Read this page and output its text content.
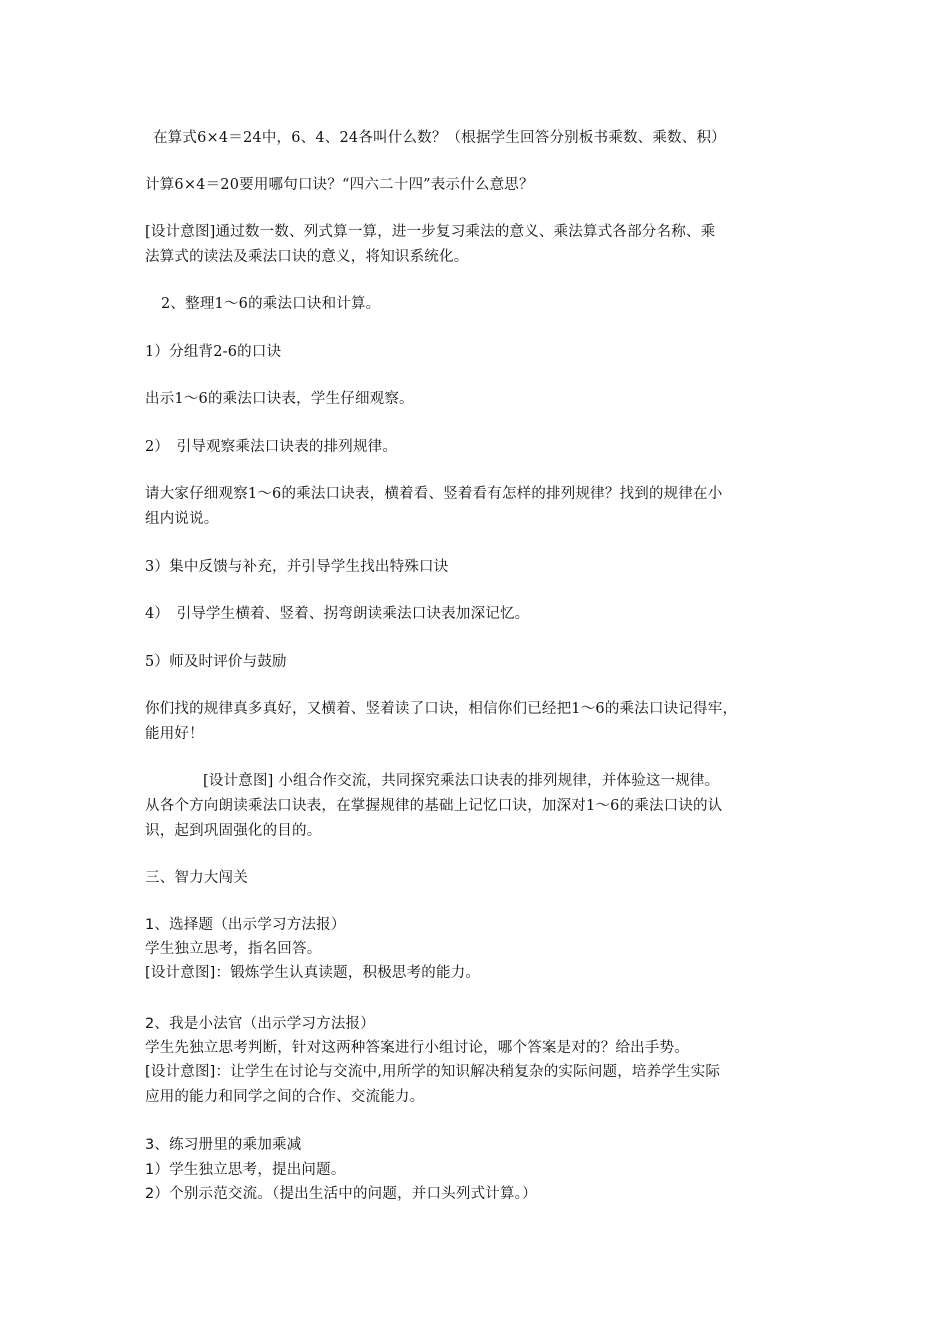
在算式6×4＝24中，6、4、24各叫什么数？（根据学生回答分别板书乘数、乘数、积）
计算6×4＝20要用哪句口诀？“四六二十四”表示什么意思？
[设计意图]通过数一数、列式算一算，进一步复习乘法的意义、乘法算式各部分名称、乘
法算式的读法及乘法口诀的意义，将知识系统化。
2、整理1～6的乘法口诀和计算。
1）分组背2-6的口诀
出示1～6的乘法口诀表，学生仔细观察。
2）　引导观察乘法口诀表的排列规律。
请大家仔细观察1～6的乘法口诀表，横着看、竖着看有怎样的排列规律？找到的规律在小
组内说说。
3）集中反馈与补充，并引导学生找出特殊口诀
4）　引导学生横着、竖着、拐弯朗读乘法口诀表加深记忆。
5）师及时评价与鼓励
你们找的规律真多真好，又横着、竖着读了口诀，相信你们已经把1～6的乘法口诀记得牢，
能用好！
[设计意图] 小组合作交流，共同探究乘法口诀表的排列规律，并体验这一规律。
从各个方向朗读乘法口诀表，在掌握规律的基础上记忆口诀，加深对1～6的乘法口诀的认
识，起到巩固强化的目的。
三、智力大闯关
1、选择题（出示学习方法报）
学生独立思考，指名回答。
[设计意图]：锻炼学生认真读题，积极思考的能力。
2、我是小法官（出示学习方法报）
学生先独立思考判断，针对这两种答案进行小组讨论，哪个答案是对的？给出手势。
[设计意图]：让学生在讨论与交流中,用所学的知识解决稍复杂的实际问题，培养学生实际
应用的能力和同学之间的合作、交流能力。
3、练习册里的乘加乘减
1）学生独立思考，提出问题。
2）个别示范交流。（提出生活中的问题，并口头列式计算。）
